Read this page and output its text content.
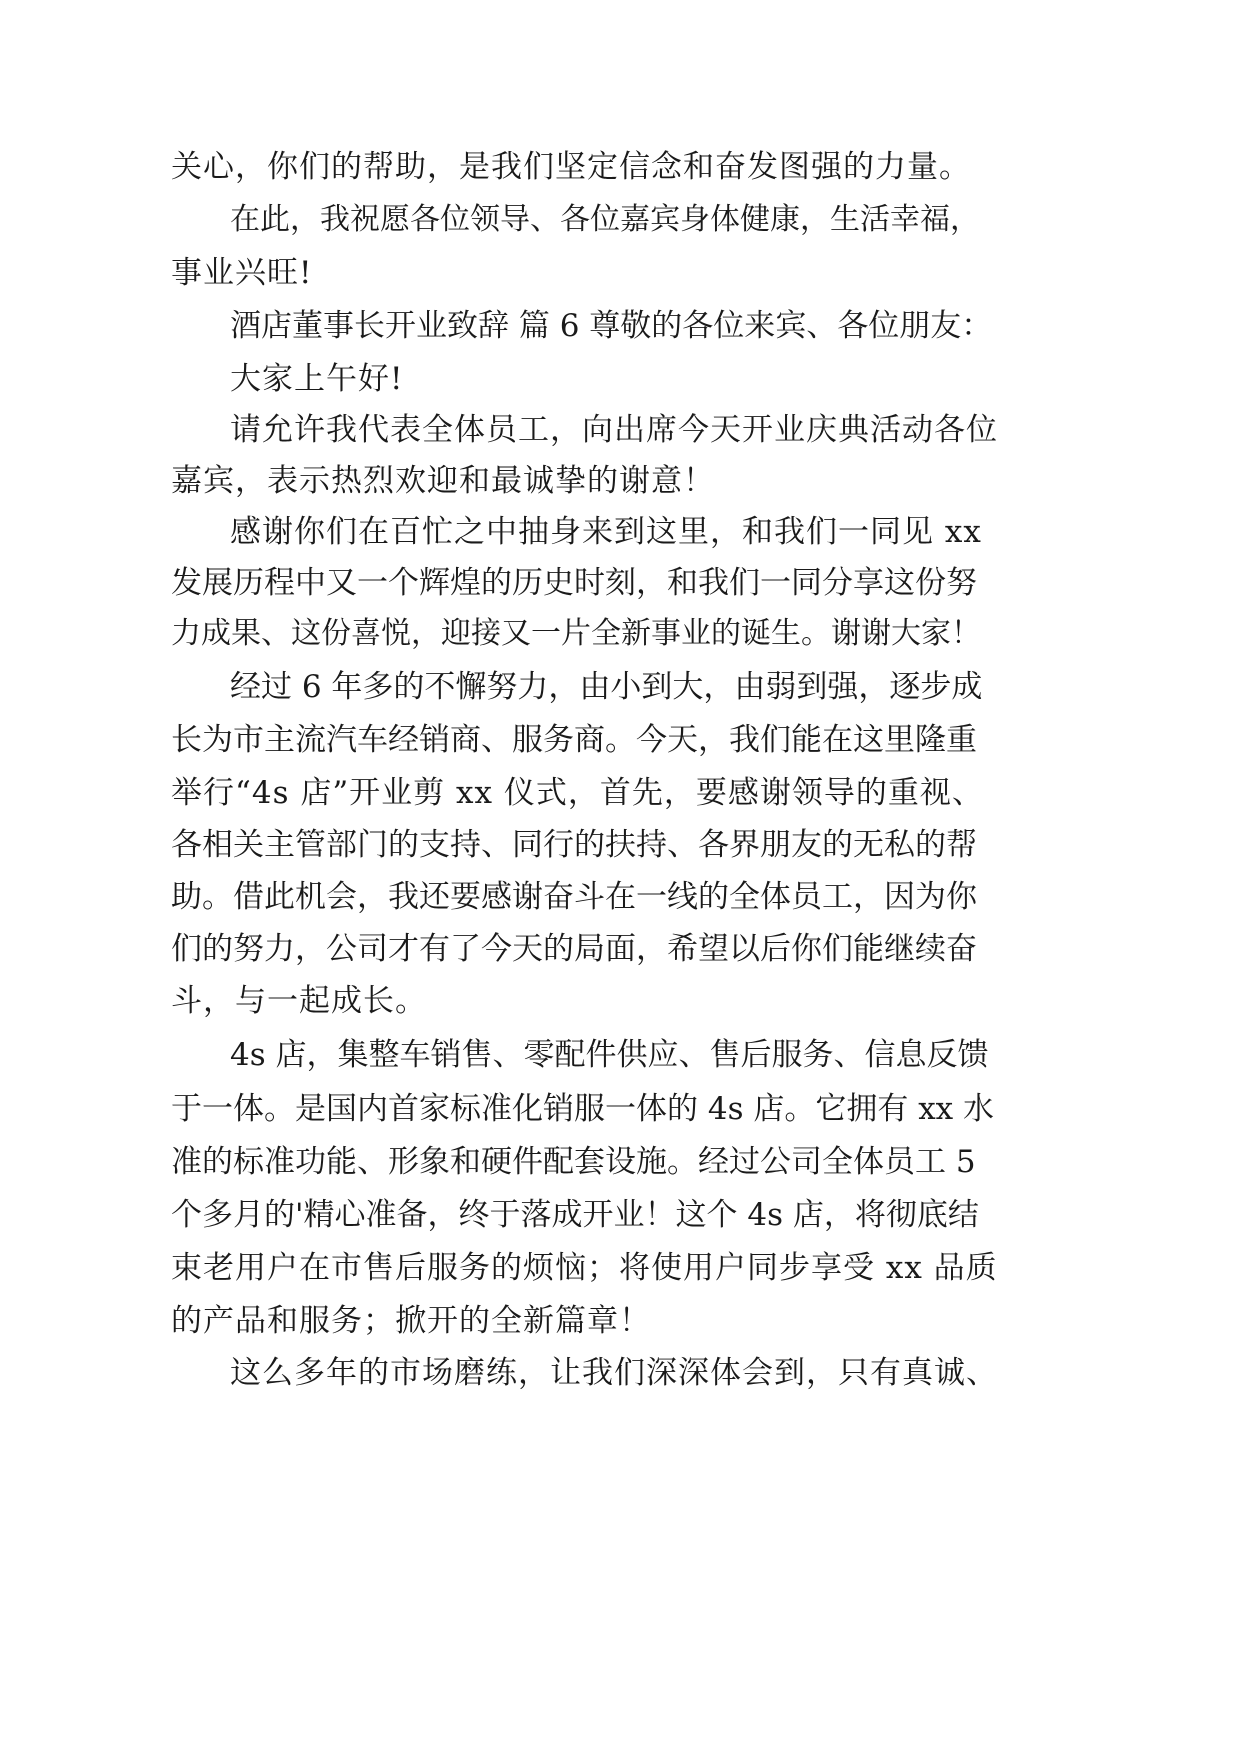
关心，你们的帮助，是我们坚定信念和奋发图强的力量。

在此，我祝愿各位领导、各位嘉宾身体健康，生活幸福，

事业兴旺!

酒店董事长开业致辞 篇 6 尊敬的各位来宾、各位朋友：

大家上午好!

请允许我代表全体员工，向出席今天开业庆典活动各位

嘉宾，表示热烈欢迎和最诚挚的谢意！

感谢你们在百忙之中抽身来到这里，和我们一同见 xx

发展历程中又一个辉煌的历史时刻，和我们一同分享这份努

力成果、这份喜悦，迎接又一片全新事业的诞生。谢谢大家！

经过 6 年多的不懈努力，由小到大，由弱到强，逐步成

长为市主流汽车经销商、服务商。今天，我们能在这里隆重

举行“4s 店”开业剪 xx 仪式，首先，要感谢领导的重视、

各相关主管部门的支持、同行的扶持、各界朋友的无私的帮

助。借此机会，我还要感谢奋斗在一线的全体员工，因为你

们的努力，公司才有了今天的局面，希望以后你们能继续奋

斗，与一起成长。

4s 店，集整车销售、零配件供应、售后服务、信息反馈

于一体。是国内首家标准化销服一体的 4s 店。它拥有 xx 水

准的标准功能、形象和硬件配套设施。经过公司全体员工 5

个多月的'精心准备，终于落成开业！这个 4s 店，将彻底结

束老用户在市售后服务的烦恼；将使用户同步享受 xx 品质

的产品和服务；掀开的全新篇章！

这么多年的市场磨练，让我们深深体会到，只有真诚、
